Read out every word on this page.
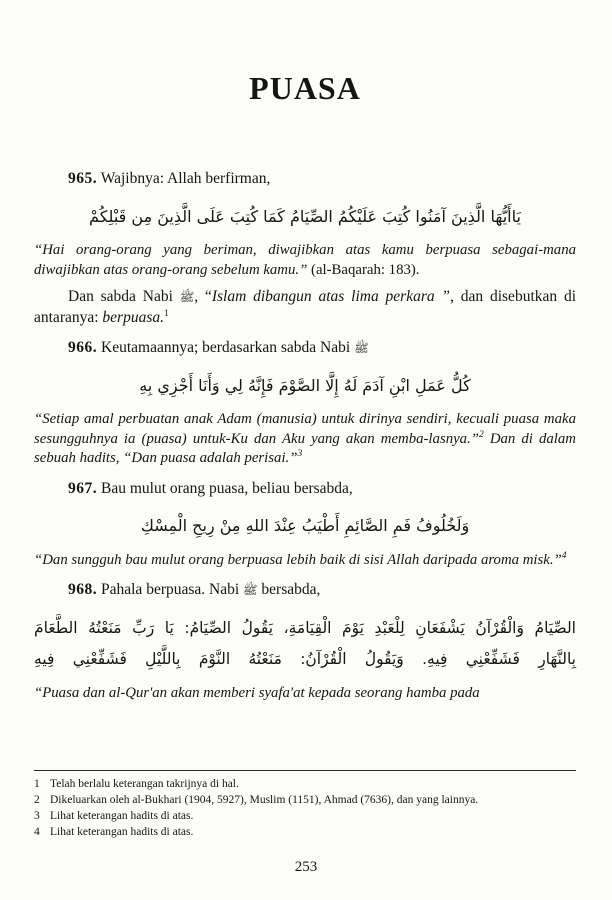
PUASA

965. Wajibnya: Allah berfirman,

يَاأَيُّهَا الَّذِينَ آمَنُوا كُتِبَ عَلَيْكُمُ الصِّيَامُ كَمَا كُتِبَ عَلَى الَّذِينَ مِن قَبْلِكُمْ

“Hai orang-orang yang beriman, diwajibkan atas kamu berpuasa sebagai-mana diwajibkan atas orang-orang sebelum kamu.” (al-Baqarah: 183).

Dan sabda Nabi ﷺ, “Islam dibangun atas lima perkara ”, dan disebutkan di antaranya: berpuasa.$^1$

966. Keutamaannya; berdasarkan sabda Nabi ﷺ

كُلُّ عَمَلِ ابْنِ آدَمَ لَهُ إِلَّا الصَّوْمَ فَإِنَّهُ لِي وَأَنَا أَجْزِي بِهِ

“Setiap amal perbuatan anak Adam (manusia) untuk dirinya sendiri, kecuali puasa maka sesungguhnya ia (puasa) untuk-Ku dan Aku yang akan memba-lasnya.”$^2$ Dan di dalam sebuah hadits, “Dan puasa adalah perisai.”$^3$

967. Bau mulut orang puasa, beliau bersabda,

وَلَخُلُوفُ فَمِ الصَّائِمِ أَطْيَبُ عِنْدَ اللهِ مِنْ رِيحِ الْمِسْكِ

“Dan sungguh bau mulut orang berpuasa lebih baik di sisi Allah daripada aroma misk.”$^4$

968. Pahala berpuasa. Nabi ﷺ bersabda,

الصِّيَامُ وَالْقُرْآنُ يَشْفَعَانِ لِلْعَبْدِ يَوْمَ الْقِيَامَةِ، يَقُولُ الصِّيَامُ: يَا رَبِّ مَنَعْتُهُ الطَّعَامَ
بِالنَّهَارِ فَشَفِّعْنِي فِيهِ. وَيَقُولُ الْقُرْآنُ: مَنَعْتُهُ النَّوْمَ بِاللَّيْلِ فَشَفِّعْنِي فِيهِ

“Puasa dan al-Qur'an akan memberi syafa'at kepada seorang hamba pada

1 Telah berlalu keterangan takrijnya di hal.

2 Dikeluarkan oleh al-Bukhari (1904, 5927), Muslim (1151), Ahmad (7636), dan yang lainnya.

3 Lihat keterangan hadits di atas.

4 Lihat keterangan hadits di atas.

253
